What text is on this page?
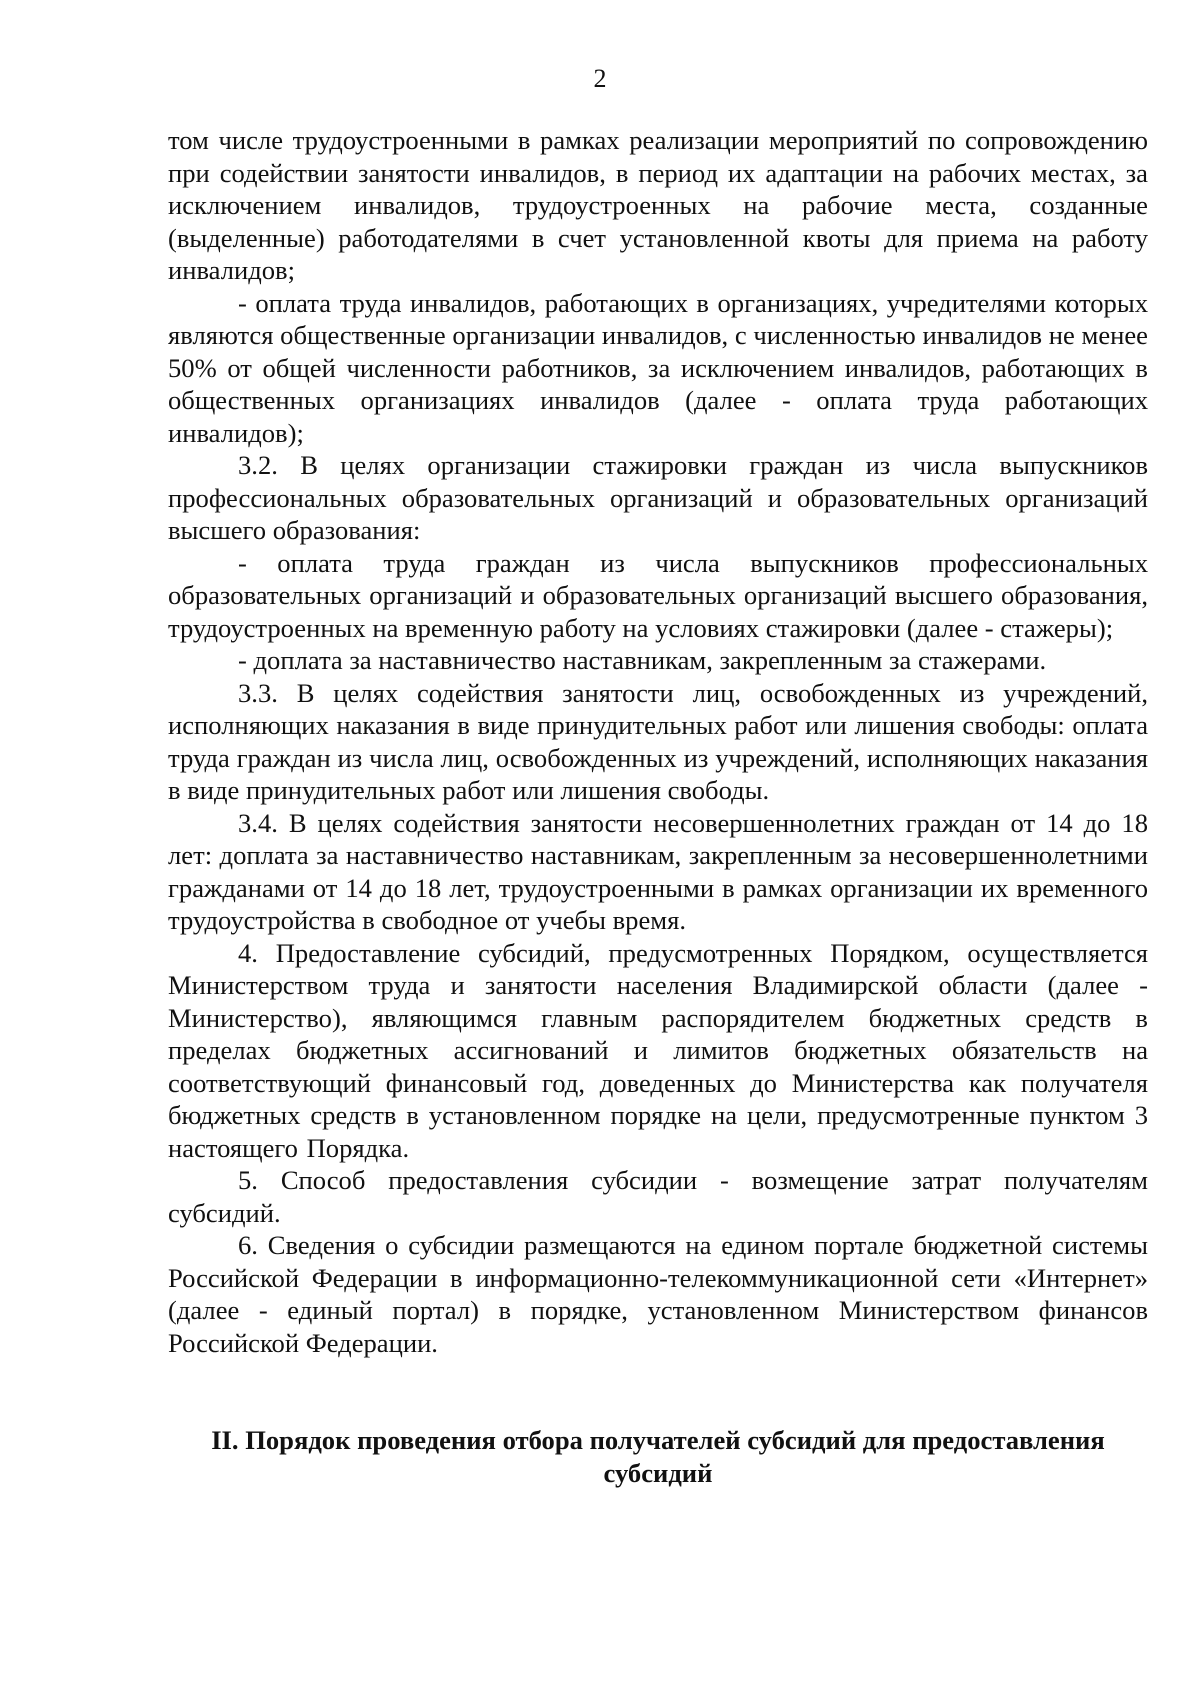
2

том числе трудоустроенными в рамках реализации мероприятий по сопровождению при содействии занятости инвалидов, в период их адаптации на рабочих местах, за исключением инвалидов, трудоустроенных на рабочие места, созданные (выделенные) работодателями в счет установленной квоты для приема на работу инвалидов;

- оплата труда инвалидов, работающих в организациях, учредителями которых являются общественные организации инвалидов, с численностью инвалидов не менее 50% от общей численности работников, за исключением инвалидов, работающих в общественных организациях инвалидов (далее - оплата труда работающих инвалидов);

3.2. В целях организации стажировки граждан из числа выпускников профессиональных образовательных организаций и образовательных организаций высшего образования:

- оплата труда граждан из числа выпускников профессиональных образовательных организаций и образовательных организаций высшего образования, трудоустроенных на временную работу на условиях стажировки (далее - стажеры);

- доплата за наставничество наставникам, закрепленным за стажерами.

3.3. В целях содействия занятости лиц, освобожденных из учреждений, исполняющих наказания в виде принудительных работ или лишения свободы: оплата труда граждан из числа лиц, освобожденных из учреждений, исполняющих наказания в виде принудительных работ или лишения свободы.

3.4. В целях содействия занятости несовершеннолетних граждан от 14 до 18 лет: доплата за наставничество наставникам, закрепленным за несовершеннолетними гражданами от 14 до 18 лет, трудоустроенными в рамках организации их временного трудоустройства в свободное от учебы время.

4. Предоставление субсидий, предусмотренных Порядком, осуществляется Министерством труда и занятости населения Владимирской области (далее - Министерство), являющимся главным распорядителем бюджетных средств в пределах бюджетных ассигнований и лимитов бюджетных обязательств на соответствующий финансовый год, доведенных до Министерства как получателя бюджетных средств в установленном порядке на цели, предусмотренные пунктом 3 настоящего Порядка.

5. Способ предоставления субсидии - возмещение затрат получателям субсидий.

6. Сведения о субсидии размещаются на едином портале бюджетной системы Российской Федерации в информационно-телекоммуникационной сети «Интернет» (далее - единый портал) в порядке, установленном Министерством финансов Российской Федерации.

II. Порядок проведения отбора получателей субсидий для предоставления субсидий
